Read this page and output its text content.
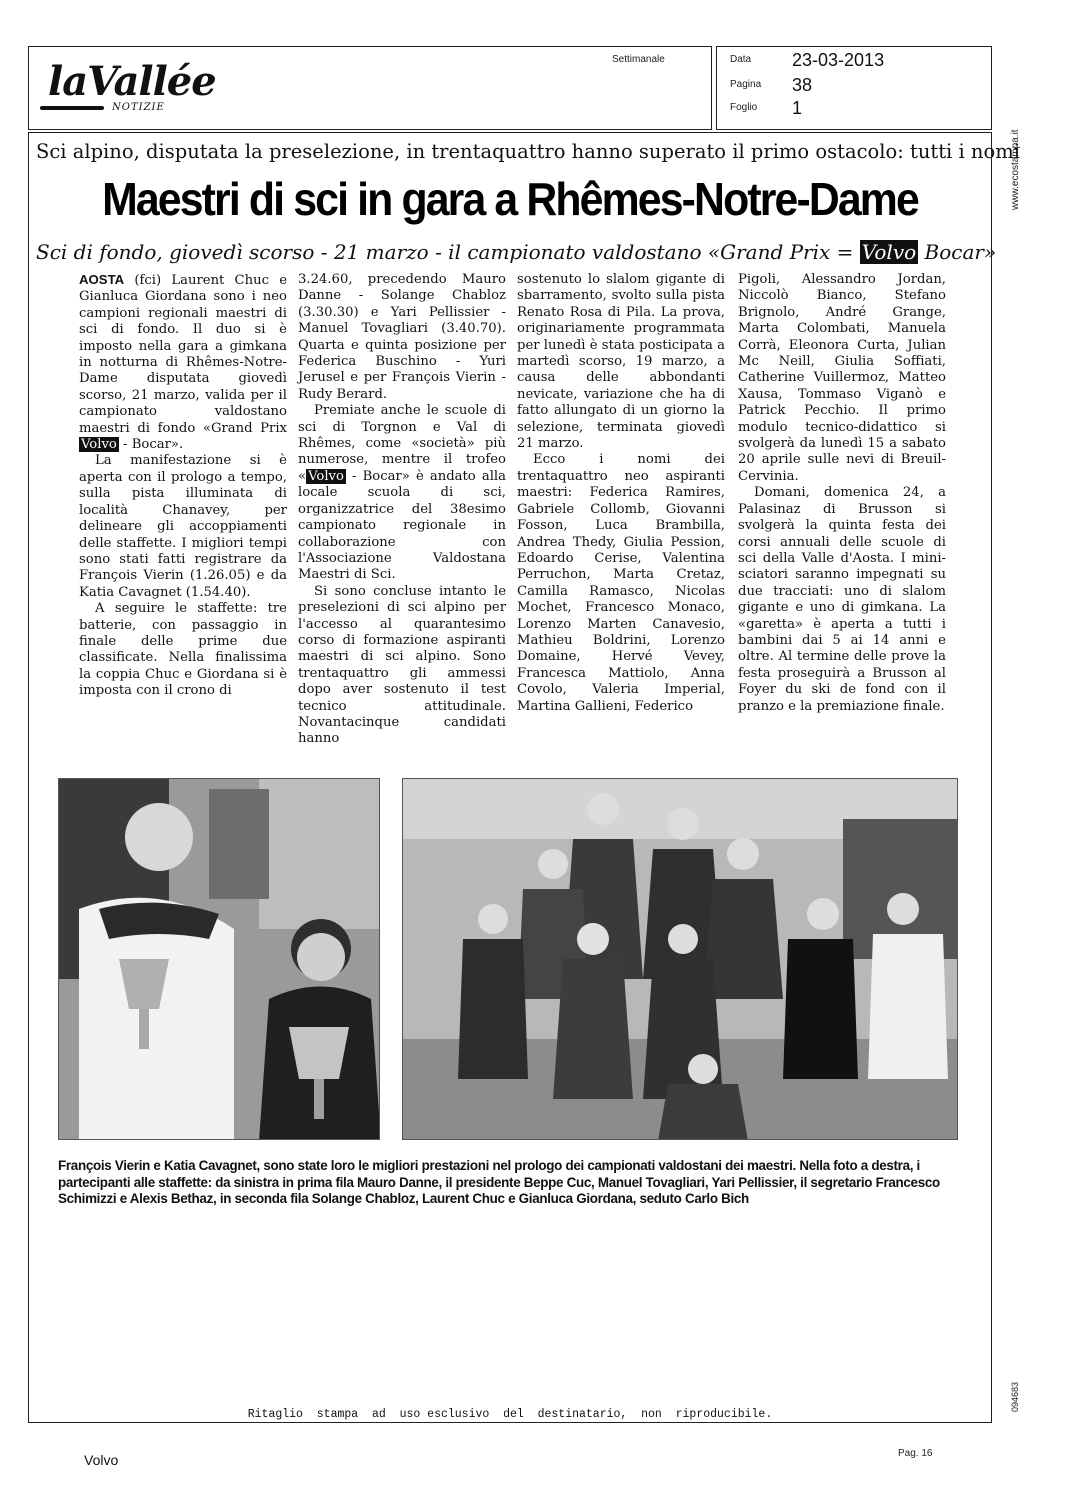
laVallée
NOTIZIE
Settimanale	Data 23-03-2013
Pagina 38
Foglio 1
www.ecostampa.it
094683
Sci alpino, disputata la preselezione, in trentaquattro hanno superato il primo ostacolo: tutti i nomi
Maestri di sci in gara a Rhêmes-Notre-Dame
Sci di fondo, giovedì scorso - 21 marzo - il campionato valdostano «Grand Prix = Volvo Bocar»

AOSTA (fci) Laurent Chuc e Gianluca Giordana sono i neo campioni regionali maestri di sci di fondo. Il duo si è imposto nella gara a gimkana in notturna di Rhêmes-Notre-Dame disputata giovedì scorso, 21 marzo, valida per il campionato valdostano maestri di fondo «Grand Prix Volvo - Bocar».

La manifestazione si è aperta con il prologo a tempo, sulla pista illuminata di località Chanavey, per delineare gli accoppiamenti delle staffette. I migliori tempi sono stati fatti registrare da François Vierin (1.26.05) e da Katia Cavagnet (1.54.40).

A seguire le staffette: tre batterie, con passaggio in finale delle prime due classificate. Nella finalissima la coppia Chuc e Giordana si è imposta con il crono di

3.24.60, precedendo Mauro Danne - Solange Chabloz (3.30.30) e Yari Pellissier - Manuel Tovagliari (3.40.70). Quarta e quinta posizione per Federica Buschino - Yuri Jerusel e per François Vierin - Rudy Berard.

Premiate anche le scuole di sci di Torgnon e Val di Rhêmes, come «società» più numerose, mentre il trofeo « Volvo - Bocar» è andato alla locale scuola di sci, organizzatrice del 38esimo campionato regionale in collaborazione con l'Associazione Valdostana Maestri di Sci.

Si sono concluse intanto le preselezioni di sci alpino per l'accesso al quarantesimo corso di formazione aspiranti maestri di sci alpino. Sono trentaquattro gli ammessi dopo aver sostenuto il test tecnico attitudinale. Novantacinque candidati hanno

sostenuto lo slalom gigante di sbarramento, svolto sulla pista Renato Rosa di Pila. La prova, originariamente programmata per lunedì è stata posticipata a martedì scorso, 19 marzo, a causa delle abbondanti nevicate, variazione che ha di fatto allungato di un giorno la selezione, terminata giovedì 21 marzo.

Ecco i nomi dei trentaquattro neo aspiranti maestri: Federica Ramires, Gabriele Collomb, Giovanni Fosson, Luca Brambilla, Andrea Thedy, Giulia Pession, Edoardo Cerise, Valentina Perruchon, Marta Cretaz, Camilla Ramasco, Nicolas Mochet, Francesco Monaco, Lorenzo Marten Canavesio, Mathieu Boldrini, Lorenzo Domaine, Hervé Vevey, Francesca Mattiolo, Anna Covolo, Valeria Imperial, Martina Gallieni, Federico

Pigoli, Alessandro Jordan, Niccolò Bianco, Stefano Brignolo, André Grange, Marta Colombati, Manuela Corrà, Eleonora Curta, Julian Mc Neill, Giulia Soffiati, Catherine Vuillermoz, Matteo Xausa, Tommaso Viganò e Patrick Pecchio. Il primo modulo tecnico-didattico si svolgerà da lunedì 15 a sabato 20 aprile sulle nevi di Breuil-Cervinia.

Domani, domenica 24, a Palasinaz di Brusson si svolgerà la quinta festa dei corsi annuali delle scuole di sci della Valle d'Aosta. I mini-sciatori saranno impegnati su due tracciati: uno di slalom gigante e uno di gimkana. La «garetta» è aperta a tutti i bambini dai 5 ai 14 anni e oltre. Al termine delle prove la festa proseguirà a Brusson al Foyer du ski de fond con il pranzo e la premiazione finale.

François Vierin e Katia Cavagnet, sono state loro le migliori prestazioni nel prologo dei campionati valdostani dei maestri. Nella foto a destra, i partecipanti alle staffette: da sinistra in prima fila Mauro Danne, il presidente Beppe Cuc, Manuel Tovagliari, Yari Pellissier, il segretario Francesco Schimizzi e Alexis Bethaz, in seconda fila Solange Chabloz, Laurent Chuc e Gianluca Giordana, seduto Carlo Bich
Ritaglio  stampa  ad  uso esclusivo  del  destinatario,  non  riproducibile.
Volvo	Pag. 16
